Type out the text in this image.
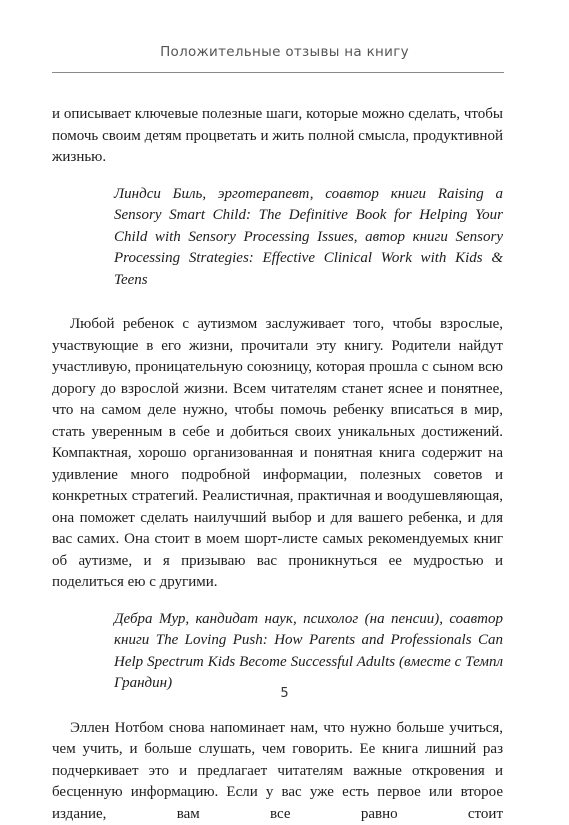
Положительные отзывы на книгу

и описывает ключевые полезные шаги, которые можно сделать, чтобы помочь своим детям процветать и жить полной смысла, продуктивной жизнью.

Линдси Биль, эрготерапевт, соавтор книги Raising a Sensory Smart Child: The Definitive Book for Helping Your Child with Sensory Processing Issues, автор книги Sensory Processing Strategies: Effective Clinical Work with Kids & Teens

Любой ребенок с аутизмом заслуживает того, чтобы взрослые, участвующие в его жизни, прочитали эту книгу. Родители найдут участливую, проницательную союзницу, которая прошла с сыном всю дорогу до взрослой жизни. Всем читателям станет яснее и понятнее, что на самом деле нужно, чтобы помочь ребенку вписаться в мир, стать уверенным в себе и добиться своих уникальных достижений. Компактная, хорошо организованная и понятная книга содержит на удивление много подробной информации, полезных советов и конкретных стратегий. Реалистичная, практичная и воодушевляющая, она поможет сделать наилучший выбор и для вашего ребенка, и для вас самих. Она стоит в моем шорт-листе самых рекомендуемых книг об аутизме, и я призываю вас проникнуться ее мудростью и поделиться ею с другими.

Дебра Мур, кандидат наук, психолог (на пенсии), соавтор книги The Loving Push: How Parents and Professionals Can Help Spectrum Kids Become Successful Adults (вместе с Темпл Грандин)

Эллен Нотбом снова напоминает нам, что нужно больше учиться, чем учить, и больше слушать, чем говорить. Ее книга лишний раз подчеркивает это и предлагает читателям важные откровения и бесценную информацию. Если у вас уже есть первое или второе издание, вам все равно стоит

5
